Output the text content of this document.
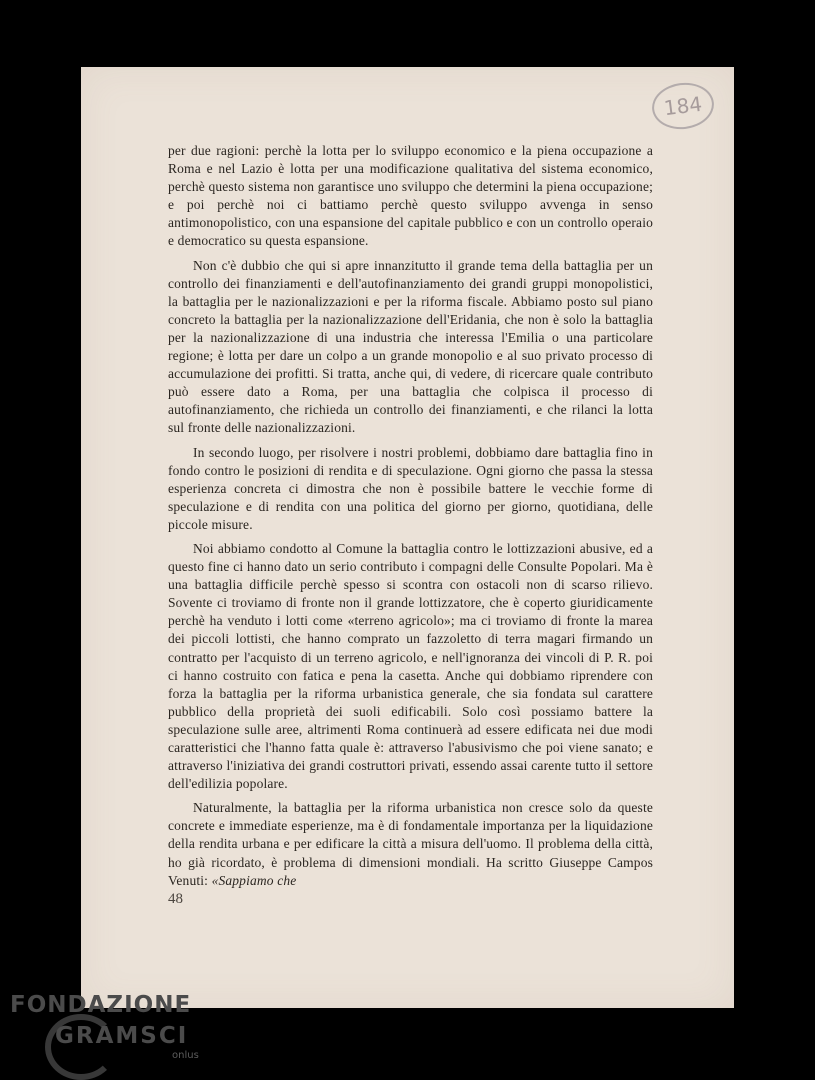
184

per due ragioni: perchè la lotta per lo sviluppo economico e la piena occupazione a Roma e nel Lazio è lotta per una modificazione qualitativa del sistema economico, perchè questo sistema non garantisce uno sviluppo che determini la piena occupazione; e poi perchè noi ci battiamo perchè questo sviluppo avvenga in senso antimonopolistico, con una espansione del capitale pubblico e con un controllo operaio e democratico su questa espansione.

Non c'è dubbio che qui si apre innanzitutto il grande tema della battaglia per un controllo dei finanziamenti e dell'autofinanziamento dei grandi gruppi monopolistici, la battaglia per le nazionalizzazioni e per la riforma fiscale. Abbiamo posto sul piano concreto la battaglia per la nazionalizzazione dell'Eridania, che non è solo la battaglia per la nazionalizzazione di una industria che interessa l'Emilia o una particolare regione; è lotta per dare un colpo a un grande monopolio e al suo privato processo di accumulazione dei profitti. Si tratta, anche qui, di vedere, di ricercare quale contributo può essere dato a Roma, per una battaglia che colpisca il processo di autofinanziamento, che richieda un controllo dei finanziamenti, e che rilanci la lotta sul fronte delle nazionalizzazioni.

In secondo luogo, per risolvere i nostri problemi, dobbiamo dare battaglia fino in fondo contro le posizioni di rendita e di speculazione. Ogni giorno che passa la stessa esperienza concreta ci dimostra che non è possibile battere le vecchie forme di speculazione e di rendita con una politica del giorno per giorno, quotidiana, delle piccole misure.

Noi abbiamo condotto al Comune la battaglia contro le lottizzazioni abusive, ed a questo fine ci hanno dato un serio contributo i compagni delle Consulte Popolari. Ma è una battaglia difficile perchè spesso si scontra con ostacoli non di scarso rilievo. Sovente ci troviamo di fronte non il grande lottizzatore, che è coperto giuridicamente perchè ha venduto i lotti come «terreno agricolo»; ma ci troviamo di fronte la marea dei piccoli lottisti, che hanno comprato un fazzoletto di terra magari firmando un contratto per l'acquisto di un terreno agricolo, e nell'ignoranza dei vincoli di P. R. poi ci hanno costruito con fatica e pena la casetta. Anche qui dobbiamo riprendere con forza la battaglia per la riforma urbanistica generale, che sia fondata sul carattere pubblico della proprietà dei suoli edificabili. Solo così possiamo battere la speculazione sulle aree, altrimenti Roma continuerà ad essere edificata nei due modi caratteristici che l'hanno fatta quale è: attraverso l'abusivismo che poi viene sanato; e attraverso l'iniziativa dei grandi costruttori privati, essendo assai carente tutto il settore dell'edilizia popolare.

Naturalmente, la battaglia per la riforma urbanistica non cresce solo da queste concrete e immediate esperienze, ma è di fondamentale importanza per la liquidazione della rendita urbana e per edificare la città a misura dell'uomo. Il problema della città, ho già ricordato, è problema di dimensioni mondiali. Ha scritto Giuseppe Campos Venuti: «Sappiamo che

48
FONDAZIONE
GRAMSCI
onlus
